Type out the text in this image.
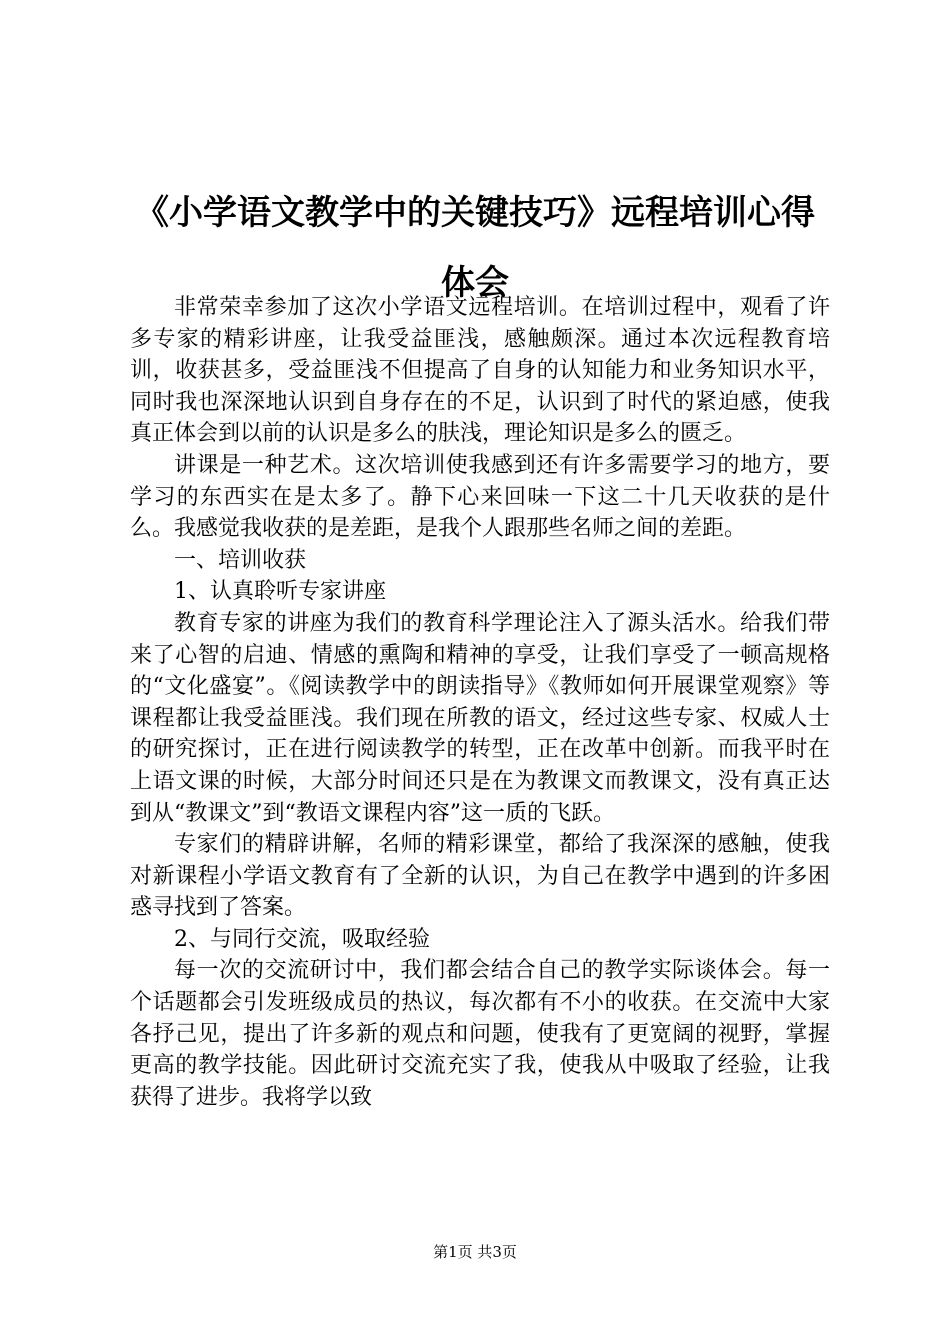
《小学语文教学中的关键技巧》远程培训心得体会

非常荣幸参加了这次小学语文远程培训。在培训过程中，观看了许多专家的精彩讲座，让我受益匪浅，感触颇深。通过本次远程教育培训，收获甚多，受益匪浅不但提高了自身的认知能力和业务知识水平，同时我也深深地认识到自身存在的不足，认识到了时代的紧迫感，使我真正体会到以前的认识是多么的肤浅，理论知识是多么的匮乏。

讲课是一种艺术。这次培训使我感到还有许多需要学习的地方，要学习的东西实在是太多了。静下心来回味一下这二十几天收获的是什么。我感觉我收获的是差距，是我个人跟那些名师之间的差距。

一、培训收获

1、认真聆听专家讲座

教育专家的讲座为我们的教育科学理论注入了源头活水。给我们带来了心智的启迪、情感的熏陶和精神的享受，让我们享受了一顿高规格的“文化盛宴”。《阅读教学中的朗读指导》《教师如何开展课堂观察》等课程都让我受益匪浅。我们现在所教的语文，经过这些专家、权威人士的研究探讨，正在进行阅读教学的转型，正在改革中创新。而我平时在上语文课的时候，大部分时间还只是在为教课文而教课文，没有真正达到从“教课文”到“教语文课程内容”这一质的飞跃。

专家们的精辟讲解，名师的精彩课堂，都给了我深深的感触，使我对新课程小学语文教育有了全新的认识，为自己在教学中遇到的许多困惑寻找到了答案。

2、与同行交流，吸取经验

每一次的交流研讨中，我们都会结合自己的教学实际谈体会。每一个话题都会引发班级成员的热议，每次都有不小的收获。在交流中大家各抒己见，提出了许多新的观点和问题，使我有了更宽阔的视野，掌握更高的教学技能。因此研讨交流充实了我，使我从中吸取了经验，让我获得了进步。我将学以致

第1页 共3页
